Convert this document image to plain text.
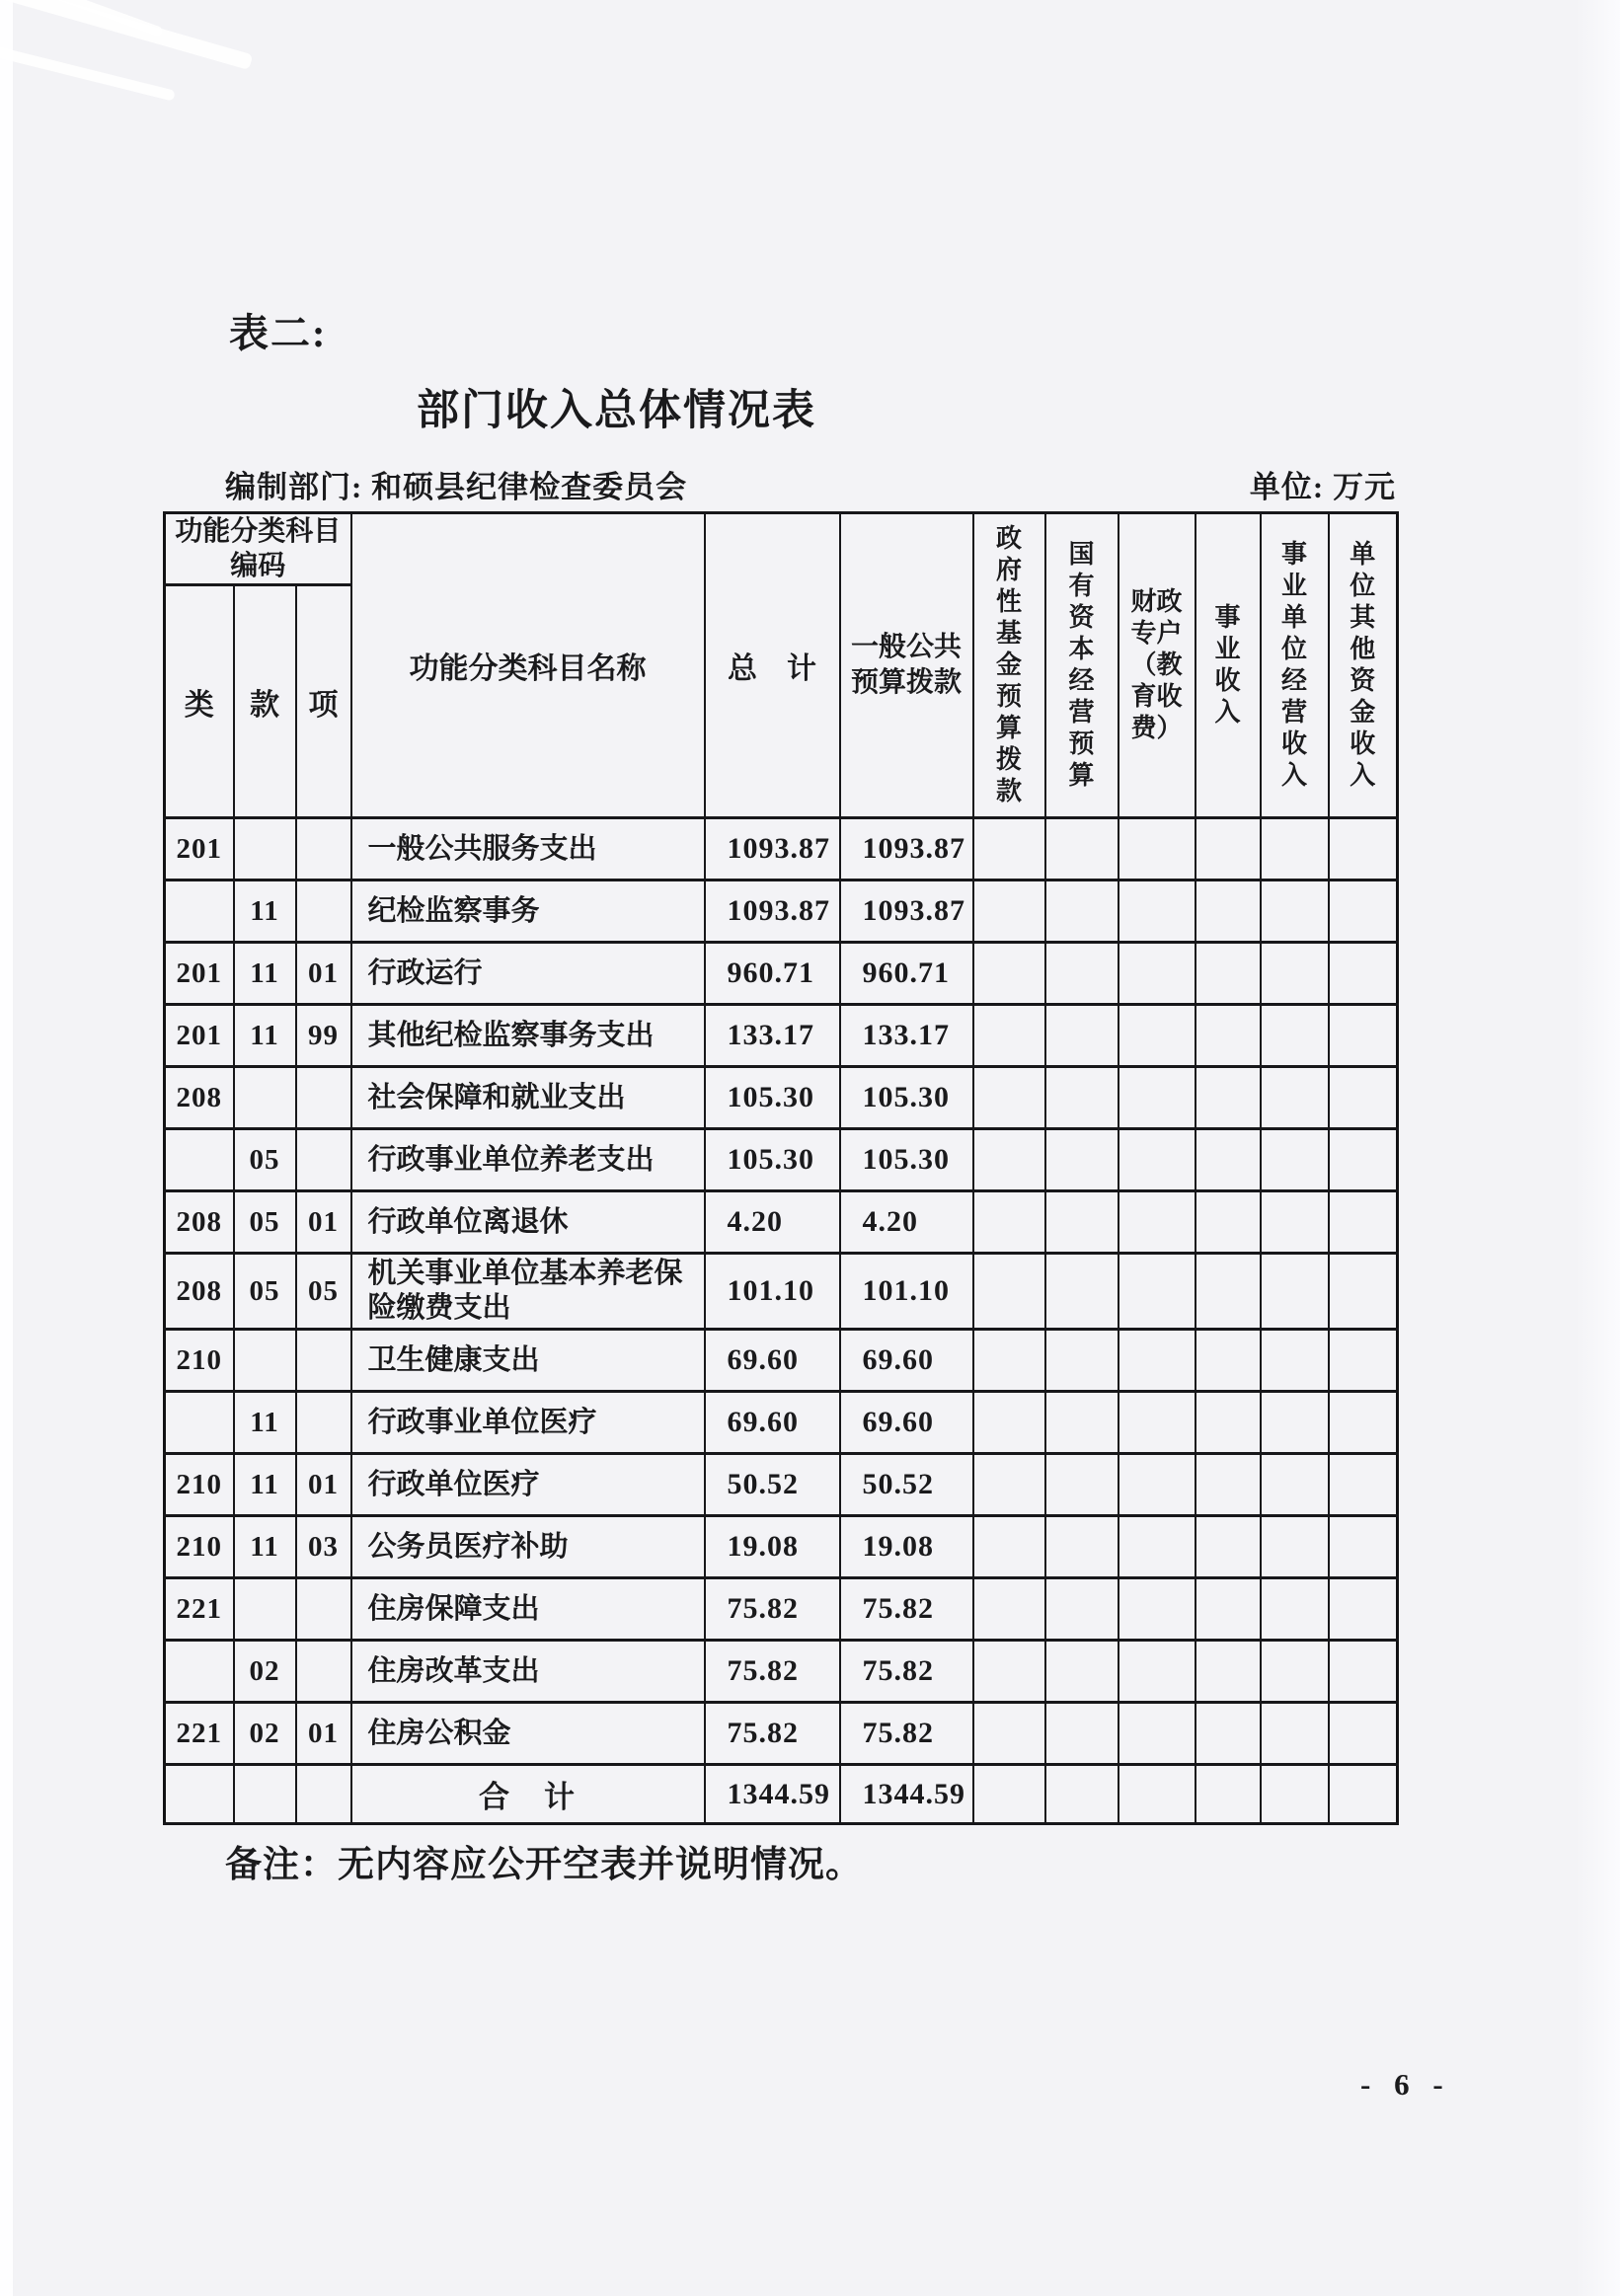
表二:
部门收入总体情况表
编制部门: 和硕县纪律检查委员会	单位: 万元
功能分类科目编码			功能分类科目名称	总　计	一般公共预算拨款	政府性基金预算拨款	国有资本经营预算	财政专户（教育收费）	事业收入	事业单位经营收入	单位其他资金收入
类	款	项									
201			一般公共服务支出	1093.87	1093.87						
	11		纪检监察事务	1093.87	1093.87						
201	11	01	行政运行	960.71	960.71						
201	11	99	其他纪检监察事务支出	133.17	133.17						
208			社会保障和就业支出	105.30	105.30						
	05		行政事业单位养老支出	105.30	105.30						
208	05	01	行政单位离退休	4.20	4.20						
208	05	05	机关事业单位基本养老保险缴费支出	101.10	101.10						
210			卫生健康支出	69.60	69.60						
	11		行政事业单位医疗	69.60	69.60						
210	11	01	行政单位医疗	50.52	50.52						
210	11	03	公务员医疗补助	19.08	19.08						
221			住房保障支出	75.82	75.82						
	02		住房改革支出	75.82	75.82						
221	02	01	住房公积金	75.82	75.82						
			合　计	1344.59	1344.59						
备注：无内容应公开空表并说明情况。
- 6 -
